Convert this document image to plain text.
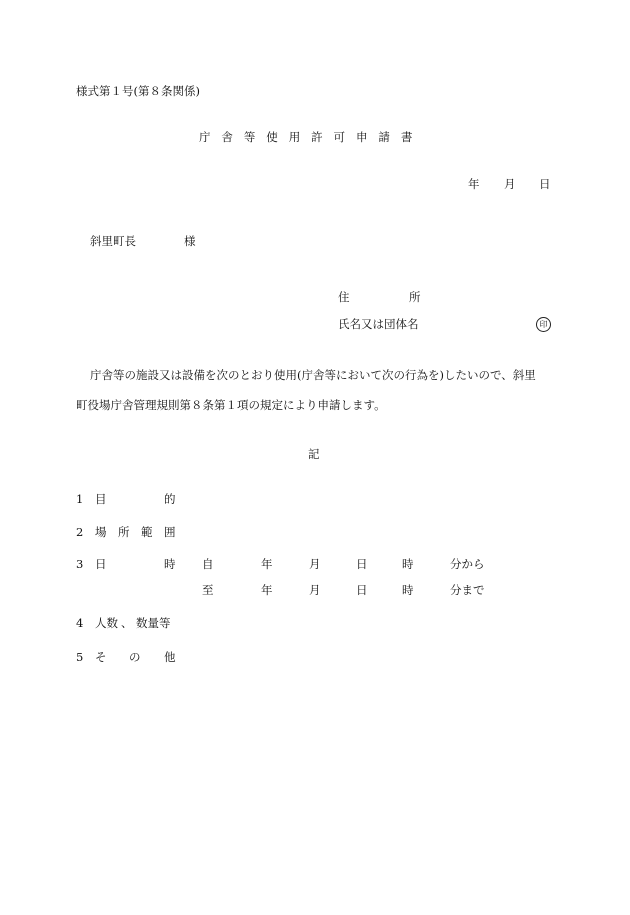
様式第１号(第８条関係)
庁舎等使用許可申請書
年 月 日
斜里町長	様
住	所
氏名又は団体名	印
庁舎等の施設又は設備を次のとおり使用(庁舎等において次の行為を)したいので、斜里
町役場庁舎管理規則第８条第１項の規定により申請します。
記
1 目	的
2 場 所 範 囲
3 日	時 自	年	月	日	時	分から
至	年	月	日	時	分まで
4 人数 、 数量等
5 そ の 他
